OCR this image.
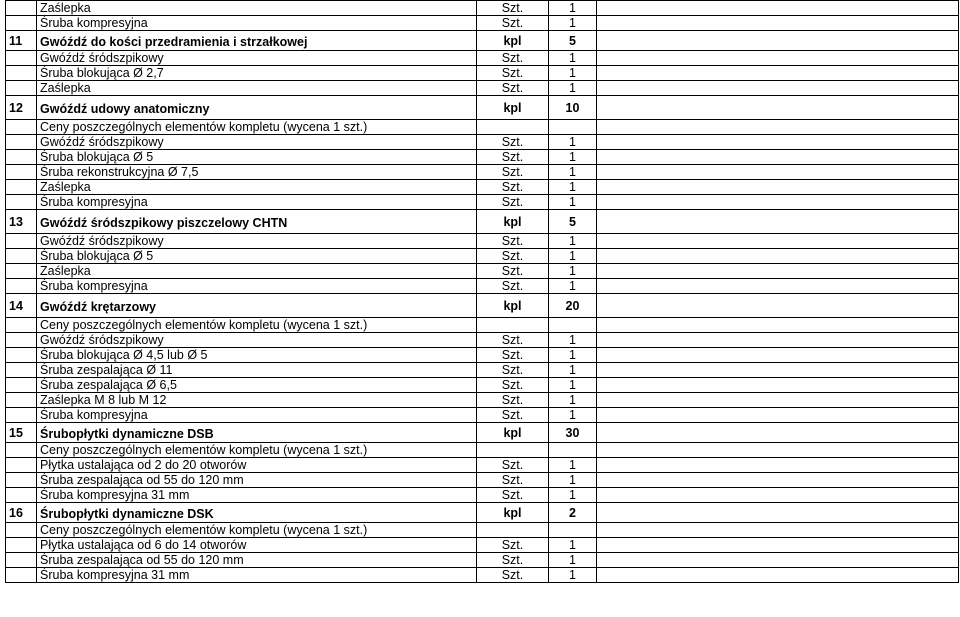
	Zaślepka	Szt.	1	
	Śruba kompresyjna	Szt.	1	
11	Gwóźdź do kości przedramienia i strzałkowej	kpl	5	
	Gwóźdź śródszpikowy	Szt.	1	
	Śruba blokująca Ø 2,7	Szt.	1	
	Zaślepka	Szt.	1	
12	Gwóźdź udowy anatomiczny	kpl	10	
	Ceny poszczególnych elementów kompletu (wycena 1 szt.)			
	Gwóźdź śródszpikowy	Szt.	1	
	Śruba blokująca Ø 5	Szt.	1	
	Śruba rekonstrukcyjna Ø 7,5	Szt.	1	
	Zaślepka	Szt.	1	
	Śruba kompresyjna	Szt.	1	
13	Gwóźdź śródszpikowy piszczelowy CHTN	kpl	5	
	Gwóźdź śródszpikowy	Szt.	1	
	Śruba blokująca Ø 5	Szt.	1	
	Zaślepka	Szt.	1	
	Śruba kompresyjna	Szt.	1	
14	Gwóźdź krętarzowy	kpl	20	
	Ceny poszczególnych elementów kompletu (wycena 1 szt.)			
	Gwóźdź śródszpikowy	Szt.	1	
	Śruba blokująca Ø 4,5 lub Ø 5	Szt.	1	
	Śruba zespalająca Ø 11	Szt.	1	
	Śruba zespalająca Ø 6,5	Szt.	1	
	Zaślepka M 8 lub M 12	Szt.	1	
	Śruba kompresyjna	Szt.	1	
15	Śrubopłytki dynamiczne DSB	kpl	30	
	Ceny poszczególnych elementów kompletu (wycena 1 szt.)			
	Płytka ustalająca od 2 do 20 otworów	Szt.	1	
	Śruba zespalająca od 55 do 120 mm	Szt.	1	
	Śruba kompresyjna 31 mm	Szt.	1	
16	Śrubopłytki dynamiczne DSK	kpl	2	
	Ceny poszczególnych elementów kompletu (wycena 1 szt.)			
	Płytka ustalająca od 6 do 14 otworów	Szt.	1	
	Śruba zespalająca od 55 do 120 mm	Szt.	1	
	Śruba kompresyjna 31 mm	Szt.	1	
